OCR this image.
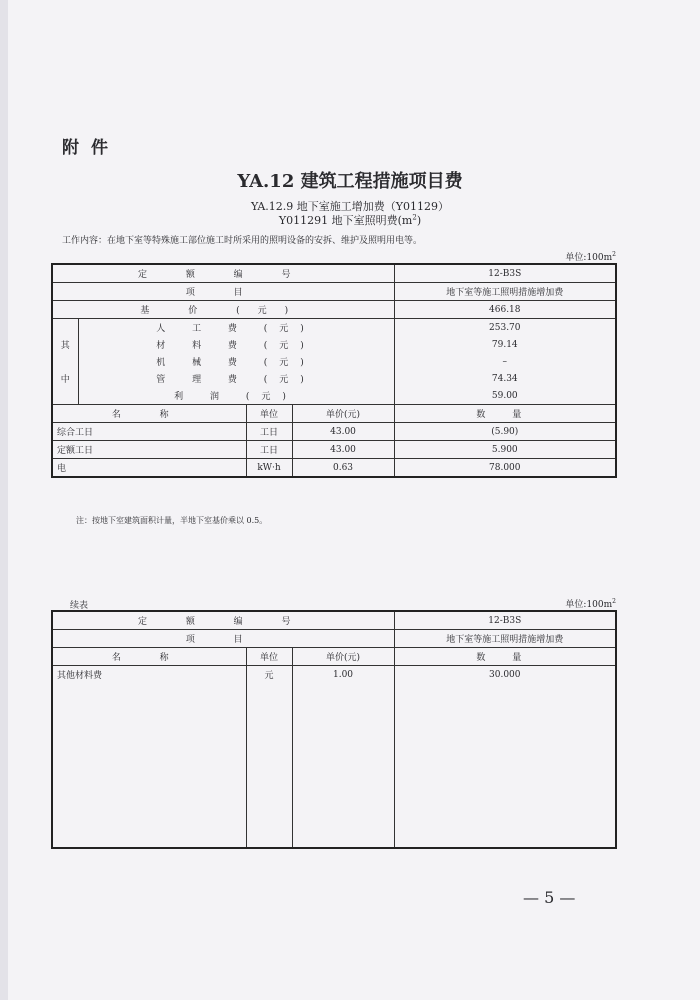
附件
YA.12 建筑工程措施项目费
YA.12.9 地下室施工增加费（Y01129）
Y011291 地下室照明费$(m^2)$
工作内容：在地下室等特殊施工部位施工时所采用的照明设备的安拆、维护及照明用电等。
单位$:100m^2$
定 额 编 号				12-B3S
项 目				地下室等施工照明措施增加费
基 价 (元)				466.18
	人 工 费 (元)			253.70
其	材 料 费 (元)			79.14
	机 械 费 (元)			–
中	管 理 费 (元)			74.34
	利 润 (元)			59.00
名 称		单位	单价(元)	数 量
综合工日		工日	43.00	(5.90)
定额工日		工日	43.00	5.900
电		kW·h	0.63	78.000
注：按地下室建筑面积计量，半地下室基价乘以 0.5。
续表	单位$:100m^2$
定 额 编 号			12-B3S
项 目			地下室等施工照明措施增加费
名 称	单位	单价(元)	数 量
其他材料费	元	1.00	30.000

— 5 —
